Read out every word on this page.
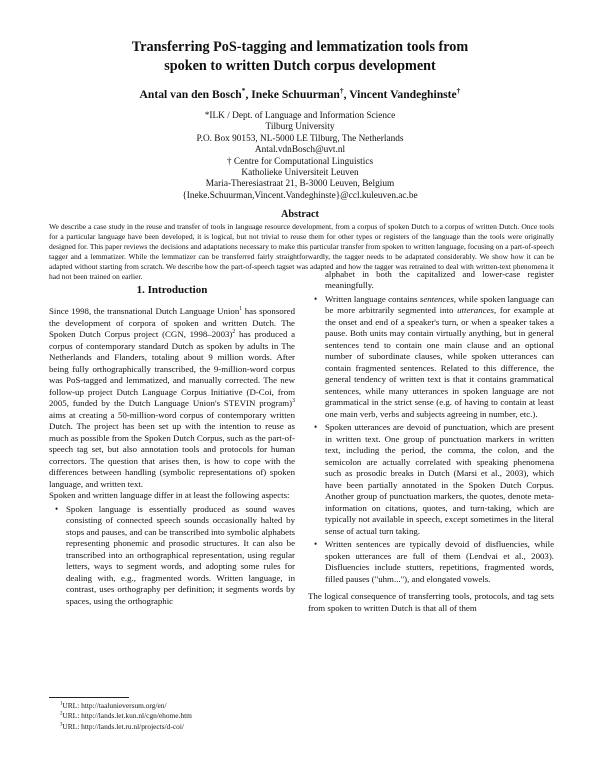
Transferring PoS-tagging and lemmatization tools from
spoken to written Dutch corpus development
Antal van den Bosch*, Ineke Schuurman†, Vincent Vandeghinste†
*ILK / Dept. of Language and Information Science
Tilburg University
P.O. Box 90153, NL-5000 LE Tilburg, The Netherlands
Antal.vdnBosch@uvt.nl
† Centre for Computational Linguistics
Katholieke Universiteit Leuven
Maria-Theresiastraat 21, B-3000 Leuven, Belgium
{Ineke.Schuurman,Vincent.Vandeghinste}@ccl.kuleuven.ac.be
Abstract
We describe a case study in the reuse and transfer of tools in language resource development, from a corpus of spoken Dutch to a corpus of written Dutch. Once tools for a particular language have been developed, it is logical, but not trivial to reuse them for other types or registers of the language than the tools were originally designed for. This paper reviews the decisions and adaptations necessary to make this particular transfer from spoken to written language, focusing on a part-of-speech tagger and a lemmatizer. While the lemmatizer can be transferred fairly straightforwardly, the tagger needs to be adaptated considerably. We show how it can be adapted without starting from scratch. We describe how the part-of-speech tagset was adapted and how the tagger was retrained to deal with written-text phenomena it had not been trained on earlier.
1. Introduction

Since 1998, the transnational Dutch Language Union$^1$ has sponsored the development of corpora of spoken and written Dutch. The Spoken Dutch Corpus project (CGN, 1998–2003)$^2$ has produced a corpus of contemporary standard Dutch as spoken by adults in The Netherlands and Flanders, totaling about 9 million words. After being fully orthographically transcribed, the 9-million-word corpus was PoS-tagged and lemmatized, and manually corrected. The new follow-up project Dutch Language Corpus Initiative (D-Coi, from 2005, funded by the Dutch Language Union's STEVIN program)$^3$ aims at creating a 50-million-word corpus of contemporary written Dutch. The project has been set up with the intention to reuse as much as possible from the Spoken Dutch Corpus, such as the part-of-speech tag set, but also annotation tools and protocols for human correctors. The question that arises then, is how to cope with the differences between handling (symbolic representations of) spoken language, and written text.

Spoken and written language differ in at least the following aspects:

• Spoken language is essentially produced as sound waves consisting of connected speech sounds occasionally halted by stops and pauses, and can be transcribed into symbolic alphabets representing phonemic and prosodic structures. It can also be transcribed into an orthographical representation, using regular letters, ways to segment words, and adopting some rules for dealing with, e.g., fragmented words. Written language, in contrast, uses orthography per definition; it segments words by spaces, using the orthographic

alphabet in both the capitalized and lower-case register meaningfully.

• Written language contains sentences, while spoken language can be more arbitrarily segmented into utterances, for example at the onset and end of a speaker's turn, or when a speaker takes a pause. Both units may contain virtually anything, but in general sentences tend to contain one main clause and an optional number of subordinate clauses, while spoken utterances can contain fragmented sentences. Related to this difference, the general tendency of written text is that it contains grammatical sentences, while many utterances in spoken language are not grammatical in the strict sense (e.g. of having to contain at least one main verb, verbs and subjects agreeing in number, etc.).
• Spoken utterances are devoid of punctuation, which are present in written text. One group of punctuation markers in written text, including the period, the comma, the colon, and the semicolon are actually correlated with speaking phenomena such as prosodic breaks in Dutch (Marsi et al., 2003), which have been partially annotated in the Spoken Dutch Corpus. Another group of punctuation markers, the quotes, denote meta-information on citations, quotes, and turn-taking, which are typically not available in speech, except sometimes in the literal sense of actual turn taking.
• Written sentences are typically devoid of disfluencies, while spoken utterances are full of them (Lendvai et al., 2003). Disfluencies include stutters, repetitions, fragmented words, filled pauses ("uhm..."), and elongated vowels.

The logical consequence of transferring tools, protocols, and tag sets from spoken to written Dutch is that all of them

$^1$URL: http://taalunieversum.org/en/
$^2$URL: http://lands.let.kun.nl/cgn/ehome.htm
$^3$URL: http://lands.let.ru.nl/projects/d-coi/
